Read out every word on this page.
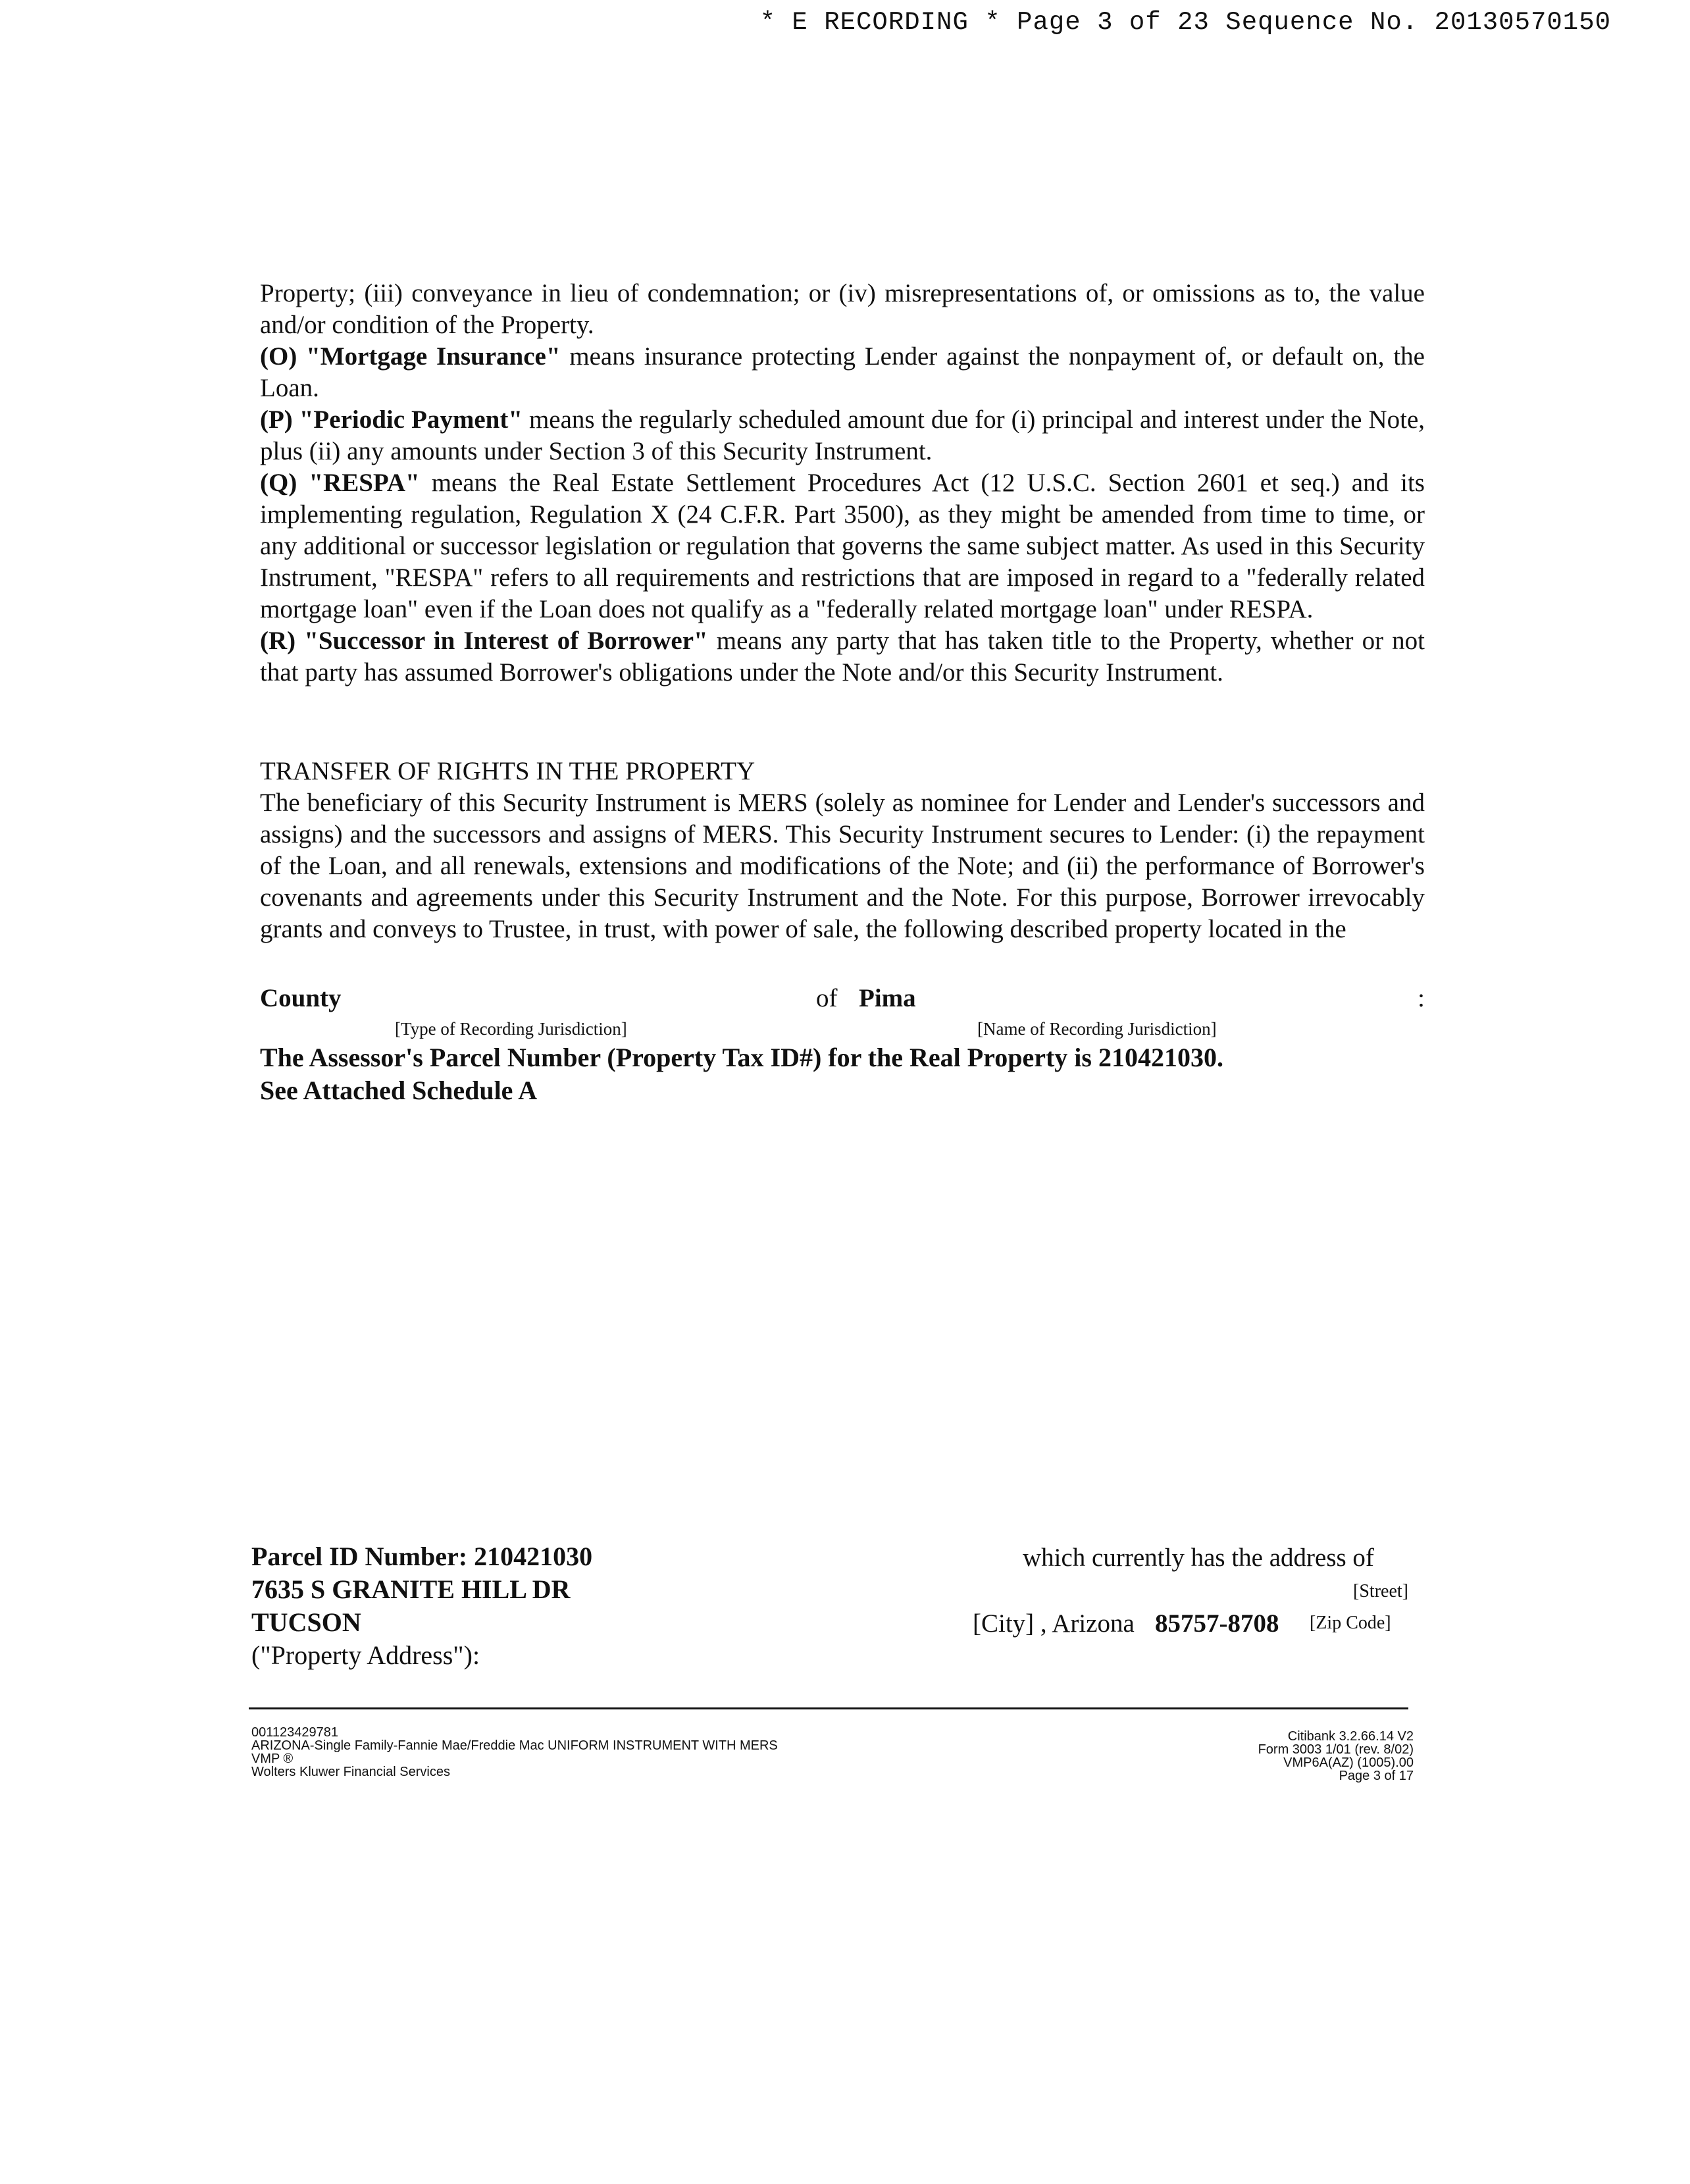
* E RECORDING * Page 3 of 23 Sequence No. 20130570150

Property; (iii) conveyance in lieu of condemnation; or (iv) misrepresentations of, or omissions as to, the value and/or condition of the Property.

(O) "Mortgage Insurance" means insurance protecting Lender against the nonpayment of, or default on, the Loan.

(P) "Periodic Payment" means the regularly scheduled amount due for (i) principal and interest under the Note, plus (ii) any amounts under Section 3 of this Security Instrument.

(Q) "RESPA" means the Real Estate Settlement Procedures Act (12 U.S.C. Section 2601 et seq.) and its implementing regulation, Regulation X (24 C.F.R. Part 3500), as they might be amended from time to time, or any additional or successor legislation or regulation that governs the same subject matter. As used in this Security Instrument, "RESPA" refers to all requirements and restrictions that are imposed in regard to a "federally related mortgage loan" even if the Loan does not qualify as a "federally related mortgage loan" under RESPA.

(R) "Successor in Interest of Borrower" means any party that has taken title to the Property, whether or not that party has assumed Borrower's obligations under the Note and/or this Security Instrument.

TRANSFER OF RIGHTS IN THE PROPERTY

The beneficiary of this Security Instrument is MERS (solely as nominee for Lender and Lender's successors and assigns) and the successors and assigns of MERS. This Security Instrument secures to Lender: (i) the repayment of the Loan, and all renewals, extensions and modifications of the Note; and (ii) the performance of Borrower's covenants and agreements under this Security Instrument and the Note. For this purpose, Borrower irrevocably grants and conveys to Trustee, in trust, with power of sale, the following described property located in the

County	of Pima	:
[Type of Recording Jurisdiction]	[Name of Recording Jurisdiction]
The Assessor's Parcel Number (Property Tax ID#) for the Real Property is 210421030.
See Attached Schedule A
Parcel ID Number: 210421030
7635 S GRANITE HILL DR
TUCSON
("Property Address"):
which currently has the address of
[Street]
[City] , Arizona 85757-8708 [Zip Code]
001123429781
ARIZONA-Single Family-Fannie Mae/Freddie Mac UNIFORM INSTRUMENT WITH MERS
VMP ®
Wolters Kluwer Financial Services
Citibank 3.2.66.14 V2
Form 3003 1/01 (rev. 8/02)
VMP6A(AZ) (1005).00
Page 3 of 17
